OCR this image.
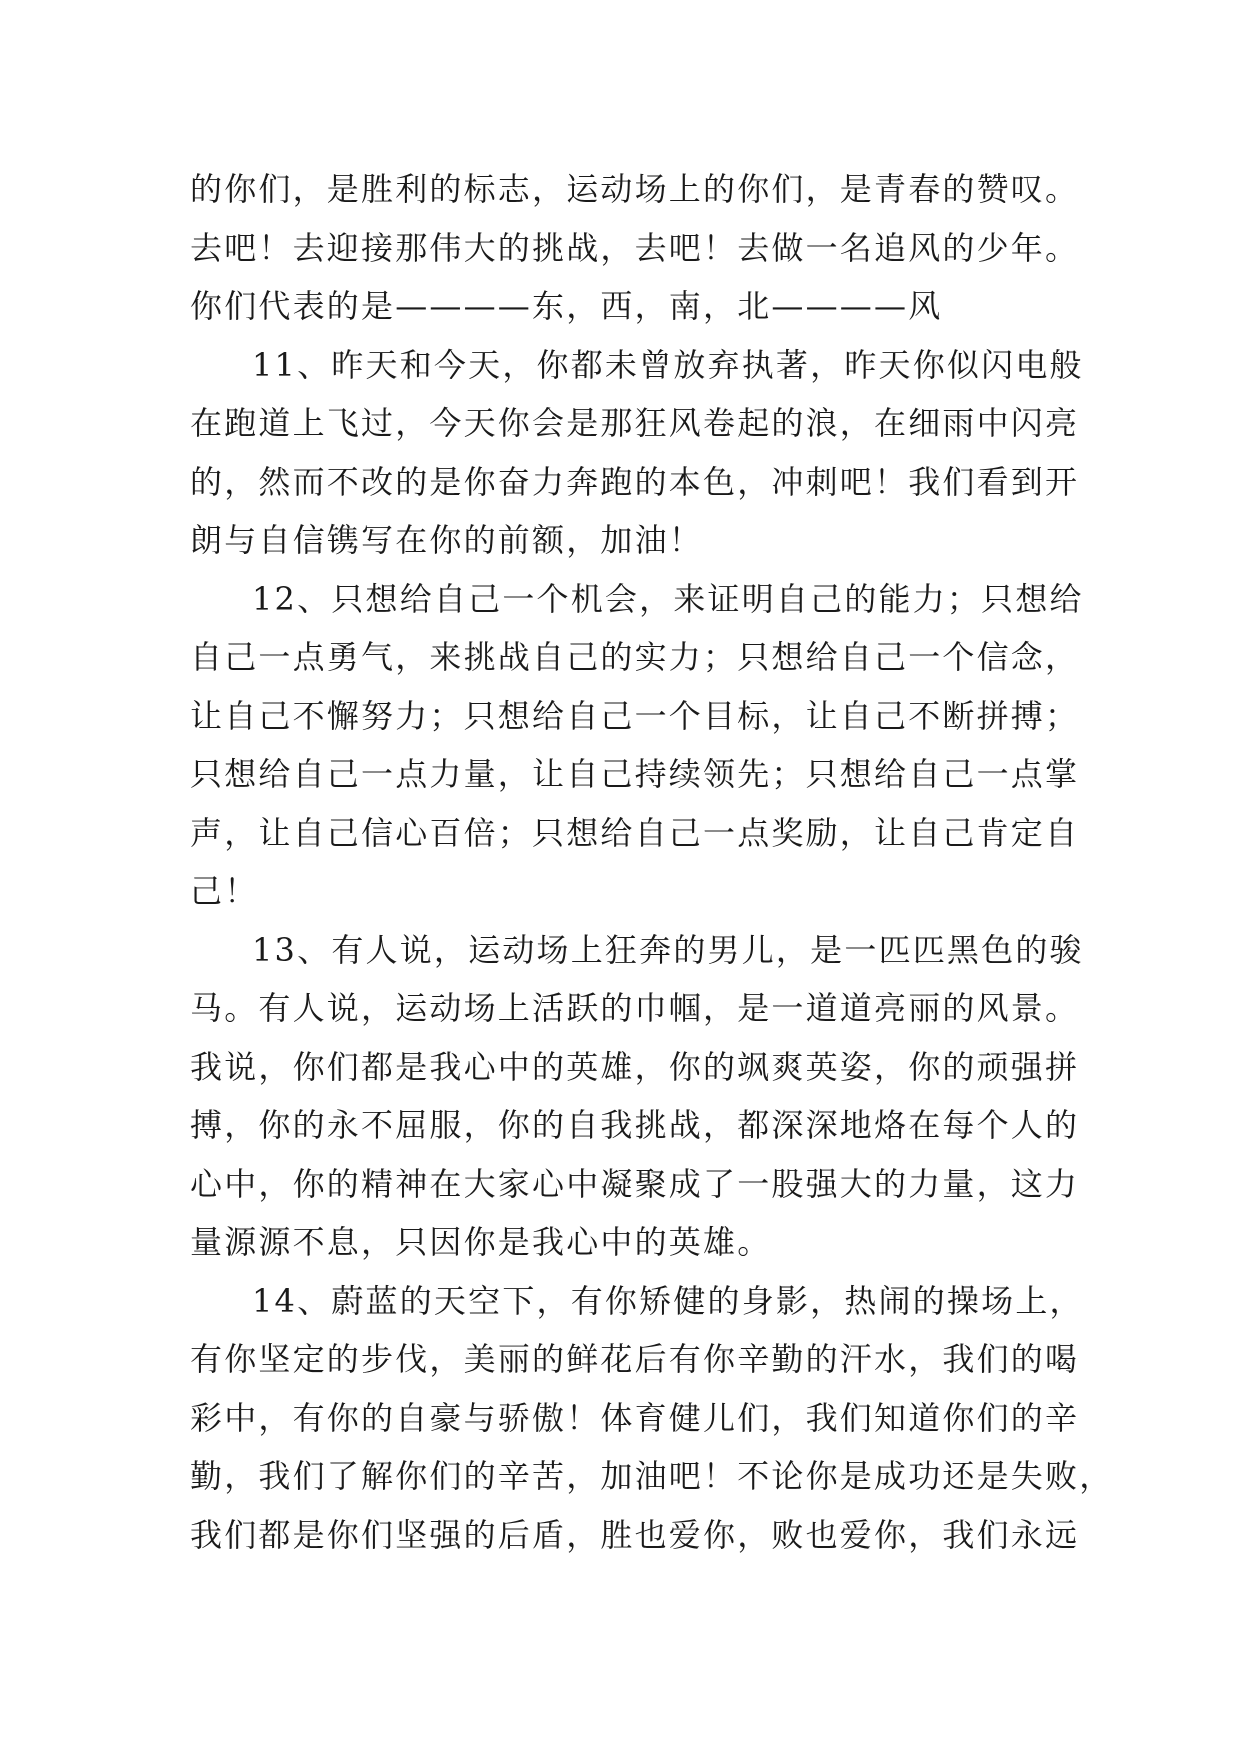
的你们，是胜利的标志，运动场上的你们，是青春的赞叹。
去吧！去迎接那伟大的挑战，去吧！去做一名追风的少年。
你们代表的是————东，西，南，北————风
11、昨天和今天，你都未曾放弃执著，昨天你似闪电般
在跑道上飞过，今天你会是那狂风卷起的浪，在细雨中闪亮
的，然而不改的是你奋力奔跑的本色，冲刺吧！我们看到开
朗与自信镌写在你的前额，加油！
12、只想给自己一个机会，来证明自己的能力；只想给
自己一点勇气，来挑战自己的实力；只想给自己一个信念，
让自己不懈努力；只想给自己一个目标，让自己不断拼搏；
只想给自己一点力量，让自己持续领先；只想给自己一点掌
声，让自己信心百倍；只想给自己一点奖励，让自己肯定自
己！
13、有人说，运动场上狂奔的男儿，是一匹匹黑色的骏
马。有人说，运动场上活跃的巾帼，是一道道亮丽的风景。
我说，你们都是我心中的英雄，你的飒爽英姿，你的顽强拼
搏，你的永不屈服，你的自我挑战，都深深地烙在每个人的
心中，你的精神在大家心中凝聚成了一股强大的力量，这力
量源源不息，只因你是我心中的英雄。
14、蔚蓝的天空下，有你矫健的身影，热闹的操场上，
有你坚定的步伐，美丽的鲜花后有你辛勤的汗水，我们的喝
彩中，有你的自豪与骄傲！体育健儿们，我们知道你们的辛
勤，我们了解你们的辛苦，加油吧！不论你是成功还是失败，
我们都是你们坚强的后盾，胜也爱你，败也爱你，我们永远
